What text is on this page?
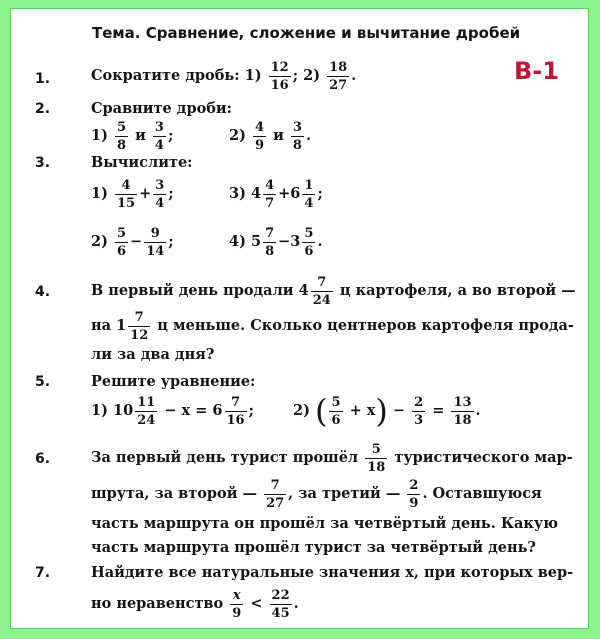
Тема. Сравнение, сложение и вычитание дробей
В-1
1.	Сократите дробь: $1) \frac{12}{16}$ ; $2) \frac{18}{27}$ .
2.	Сравните дроби:
$1) \frac{5}{8}$ и $\frac{3}{4}$ ;	$2) \frac{4}{9}$ и $\frac{3}{8}$ .
3.	Вычислите:
$1) \frac{4}{15} + \frac{3}{4}$ ;	3) $4 \frac{4}{7} + 6 \frac{1}{4}$ ;
$2) \frac{5}{6} - \frac{9}{14}$ ;	4) $5 \frac{7}{8} - 3 \frac{5}{6}$ .
4.	В первый день продали $4 \frac{7}{24}$ ц картофеля, а во второй —
на $1 \frac{7}{12}$ ц меньше. Сколько центнеров картофеля прода-
ли за два дня?
5.	Решите уравнение:
1) $10 \frac{11}{24} - x = 6 \frac{7}{16}$ ;	2) ( $\frac{5}{6} + x$ ) − $\frac{2}{3} = \frac{13}{18}$ .
6.	За первый день турист прошёл $\frac{5}{18}$ туристического мар-
шрута, за второй — $\frac{7}{27}$ , за третий — $\frac{2}{9}$ . Оставшуюся
часть маршрута он прошёл за четвёртый день. Какую
часть маршрута прошёл турист за четвёртый день?
7.	Найдите все натуральные значения x, при которых вер-
но неравенство $\frac{x}{9} < \frac{22}{45}$ .
